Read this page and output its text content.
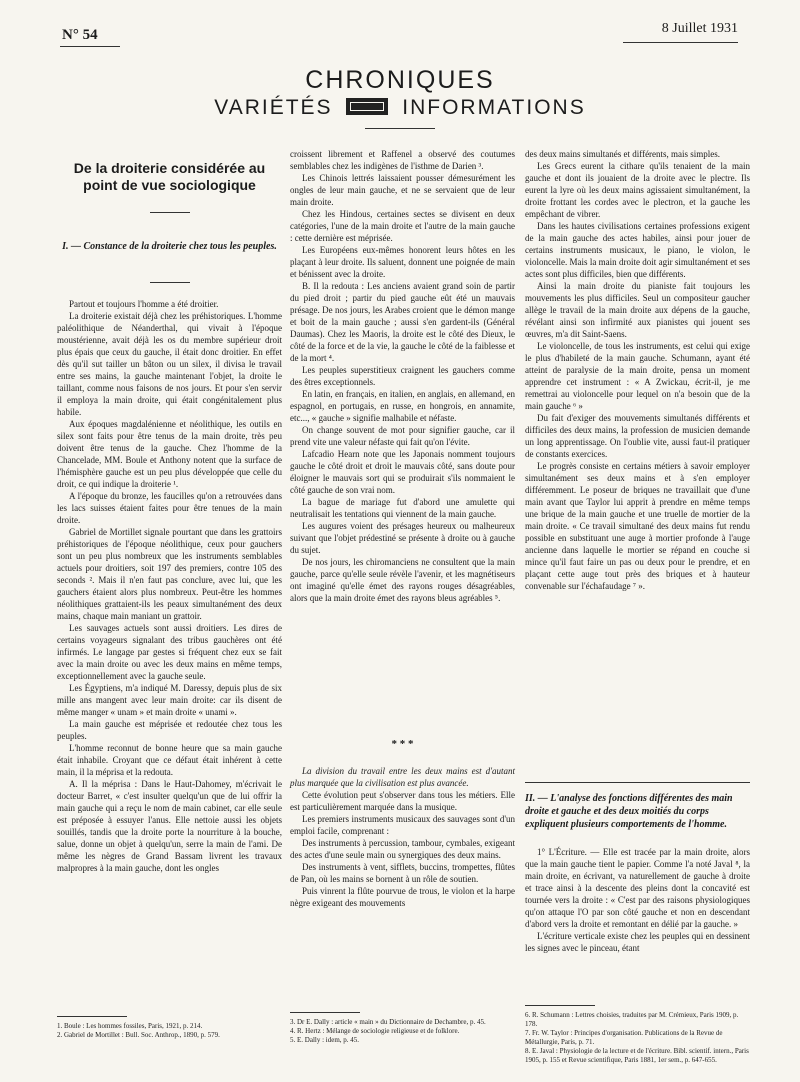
N° 54	8 Juillet 1931
CHRONIQUES
VARIÉTÉS	INFORMATIONS
De la droiterie considérée au point de vue sociologique
I. — Constance de la droiterie chez tous les peuples.

Partout et toujours l'homme a été droitier.

La droiterie existait déjà chez les préhistoriques. L'homme paléolithique de Néanderthal, qui vivait à l'époque moustérienne, avait déjà les os du membre supérieur droit plus épais que ceux du gauche, il était donc droitier. En effet dès qu'il sut tailler un bâton ou un silex, il divisa le travail entre ses mains, la gauche maintenant l'objet, la droite le taillant, comme nous faisons de nos jours. Et pour s'en servir il employa la main droite, qui était congénitalement plus habile.

Aux époques magdalénienne et néolithique, les outils en silex sont faits pour être tenus de la main droite, très peu doivent être tenus de la gauche. Chez l'homme de la Chancelade, MM. Boule et Anthony notent que la surface de l'hémisphère gauche est un peu plus développée que celle du droit, ce qui indique la droiterie ¹.

A l'époque du bronze, les faucilles qu'on a retrouvées dans les lacs suisses étaient faites pour être tenues de la main droite.

Gabriel de Mortillet signale pourtant que dans les grattoirs préhistoriques de l'époque néolithique, ceux pour gauchers sont un peu plus nombreux que les instruments semblables actuels pour droitiers, soit 197 des premiers, contre 105 des seconds ². Mais il n'en faut pas conclure, avec lui, que les gauchers étaient alors plus nombreux. Peut-être les hommes néolithiques grattaient-ils les peaux simultanément des deux mains, chaque main maniant un grattoir.

Les sauvages actuels sont aussi droitiers. Les dires de certains voyageurs signalant des tribus gauchères ont été infirmés. Le langage par gestes si fréquent chez eux se fait avec la main droite ou avec les deux mains en même temps, exceptionnellement avec la gauche seule.

Les Égyptiens, m'a indiqué M. Daressy, depuis plus de six mille ans mangent avec leur main droite: car ils disent de même manger « unam » et main droite « unami ».

La main gauche est méprisée et redoutée chez tous les peuples.

L'homme reconnut de bonne heure que sa main gauche était inhabile. Croyant que ce défaut était inhérent à cette main, il la méprisa et la redouta.

A. Il la méprisa : Dans le Haut-Dahomey, m'écrivait le docteur Barret, « c'est insulter quelqu'un que de lui offrir la main gauche qui a reçu le nom de main cabinet, car elle seule est préposée à essuyer l'anus. Elle nettoie aussi les objets souillés, tandis que la droite porte la nourriture à la bouche, salue, donne un objet à quelqu'un, serre la main de l'ami. De même les nègres de Grand Bassam livrent les travaux malpropres à la main gauche, dont les ongles

croissent librement et Raffenel a observé des coutumes semblables chez les indigènes de l'isthme de Darien ³.

Les Chinois lettrés laissaient pousser démesurément les ongles de leur main gauche, et ne se servaient que de leur main droite.

Chez les Hindous, certaines sectes se divisent en deux catégories, l'une de la main droite et l'autre de la main gauche : cette dernière est méprisée.

Les Européens eux-mêmes honorent leurs hôtes en les plaçant à leur droite. Ils saluent, donnent une poignée de main et bénissent avec la droite.

B. Il la redouta : Les anciens avaient grand soin de partir du pied droit ; partir du pied gauche eût été un mauvais présage. De nos jours, les Arabes croient que le démon mange et boit de la main gauche ; aussi s'en gardent-ils (Général Daumas). Chez les Maoris, la droite est le côté des Dieux, le côté de la force et de la vie, la gauche le côté de la faiblesse et de la mort ⁴.

Les peuples superstitieux craignent les gauchers comme des êtres exceptionnels.

En latin, en français, en italien, en anglais, en allemand, en espagnol, en portugais, en russe, en hongrois, en annamite, etc..., « gauche » signifie malhabile et néfaste.

On change souvent de mot pour signifier gauche, car il prend vite une valeur néfaste qui fait qu'on l'évite.

Lafcadio Hearn note que les Japonais nomment toujours gauche le côté droit et droit le mauvais côté, sans doute pour éloigner le mauvais sort qui se produirait s'ils nommaient le côté gauche de son vrai nom.

La bague de mariage fut d'abord une amulette qui neutralisait les tentations qui viennent de la main gauche.

Les augures voient des présages heureux ou malheureux suivant que l'objet prédestiné se présente à droite ou à gauche du sujet.

De nos jours, les chiromanciens ne consultent que la main gauche, parce qu'elle seule révèle l'avenir, et les magnétiseurs ont imaginé qu'elle émet des rayons rouges désagréables, alors que la main droite émet des rayons bleus agréables ⁵.

* * *

La division du travail entre les deux mains est d'autant plus marquée que la civilisation est plus avancée.

Cette évolution peut s'observer dans tous les métiers. Elle est particulièrement marquée dans la musique.

Les premiers instruments musicaux des sauvages sont d'un emploi facile, comprenant :

Des instruments à percussion, tambour, cymbales, exigeant des actes d'une seule main ou synergiques des deux mains.

Des instruments à vent, sifflets, buccins, trompettes, flûtes de Pan, où les mains se bornent à un rôle de soutien.

Puis vinrent la flûte pourvue de trous, le violon et la harpe nègre exigeant des mouvements

des deux mains simultanés et différents, mais simples.

Les Grecs eurent la cithare qu'ils tenaient de la main gauche et dont ils jouaient de la droite avec le plectre. Ils eurent la lyre où les deux mains agissaient simultanément, la droite frottant les cordes avec le plectron, et la gauche les empêchant de vibrer.

Dans les hautes civilisations certaines professions exigent de la main gauche des actes habiles, ainsi pour jouer de certains instruments musicaux, le piano, le violon, le violoncelle. Mais la main droite doit agir simultanément et ses actes sont plus difficiles, bien que différents.

Ainsi la main droite du pianiste fait toujours les mouvements les plus difficiles. Seul un compositeur gaucher allège le travail de la main droite aux dépens de la gauche, révélant ainsi son infirmité aux pianistes qui jouent ses œuvres, m'a dit Saint-Saens.

Le violoncelle, de tous les instruments, est celui qui exige le plus d'habileté de la main gauche. Schumann, ayant été atteint de paralysie de la main droite, pensa un moment apprendre cet instrument : « A Zwickau, écrit-il, je me remettrai au violoncelle pour lequel on n'a besoin que de la main gauche ⁶ »

Du fait d'exiger des mouvements simultanés différents et difficiles des deux mains, la profession de musicien demande un long apprentissage. On l'oublie vite, aussi faut-il pratiquer de constants exercices.

Le progrès consiste en certains métiers à savoir employer simultanément ses deux mains et à s'en employer différemment. Le poseur de briques ne travaillait que d'une main avant que Taylor lui apprit à prendre en même temps une brique de la main gauche et une truelle de mortier de la main droite. « Ce travail simultané des deux mains fut rendu possible en substituant une auge à mortier profonde à l'auge ancienne dans laquelle le mortier se répand en couche si mince qu'il faut faire un pas ou deux pour le prendre, et en plaçant cette auge tout près des briques et à hauteur convenable sur l'échafaudage ⁷ ».

II. — L'analyse des fonctions différentes des main droite et gauche et des deux moitiés du corps expliquent plusieurs comportements de l'homme.

1° L'Écriture. — Elle est tracée par la main droite, alors que la main gauche tient le papier. Comme l'a noté Javal ⁸, la main droite, en écrivant, va naturellement de gauche à droite et trace ainsi à la descente des pleins dont la concavité est tournée vers la droite : « C'est par des raisons physiologiques qu'on attaque l'O par son côté gauche et non en descendant d'abord vers la droite et remontant en délié par la gauche. »

L'écriture verticale existe chez les peuples qui en dessinent les signes avec le pinceau, étant

1. Boule : Les hommes fossiles, Paris, 1921, p. 214.
2. Gabriel de Mortillet : Bull. Soc. Anthrop., 1890, p. 579.
3. Dr E. Dally : article « main » du Dictionnaire de Dechambre, p. 45.
4. R. Hertz : Mélange de sociologie religieuse et de folklore.
5. E. Dally : idem, p. 45.
6. R. Schumann : Lettres choisies, traduites par M. Crémieux, Paris 1909, p. 178.
7. Fr. W. Taylor : Principes d'organisation. Publications de la Revue de Métallurgie, Paris, p. 71.
8. E. Javal : Physiologie de la lecture et de l'écriture. Bibl. scientif. intern., Paris 1905, p. 155 et Revue scientifique, Paris 1881, 1er sem., p. 647-655.
